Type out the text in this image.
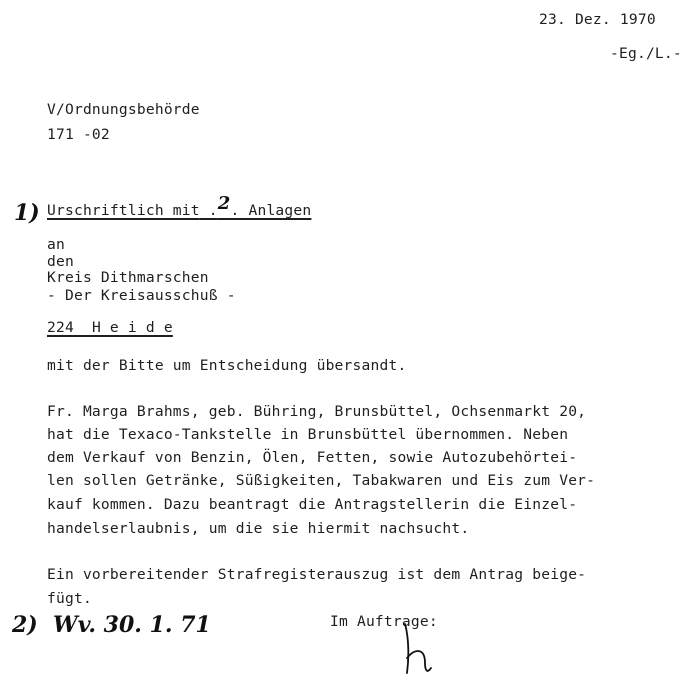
23. Dez. 1970
-Eg./L.-
V/Ordnungsbehörde
171 -02
1) Urschriftlich mit .2. Anlagen
an
den
Kreis Dithmarschen
- Der Kreisausschuß -
224 H e i d e
mit der Bitte um Entscheidung übersandt.
Fr. Marga Brahms, geb. Bühring, Brunsbüttel, Ochsenmarkt 20,
hat die Texaco-Tankstelle in Brunsbüttel übernommen. Neben
dem Verkauf von Benzin, Ölen, Fetten, sowie Autozubehörtei-
len sollen Getränke, Süßigkeiten, Tabakwaren und Eis zum Ver-
kauf kommen. Dazu beantragt die Antragstellerin die Einzel-
handelserlaubnis, um die sie hiermit nachsucht.
Ein vorbereitender Strafregisterauszug ist dem Antrag beige-
fügt.
Im Auftrage:
2) Wv. 30. 1. 71
